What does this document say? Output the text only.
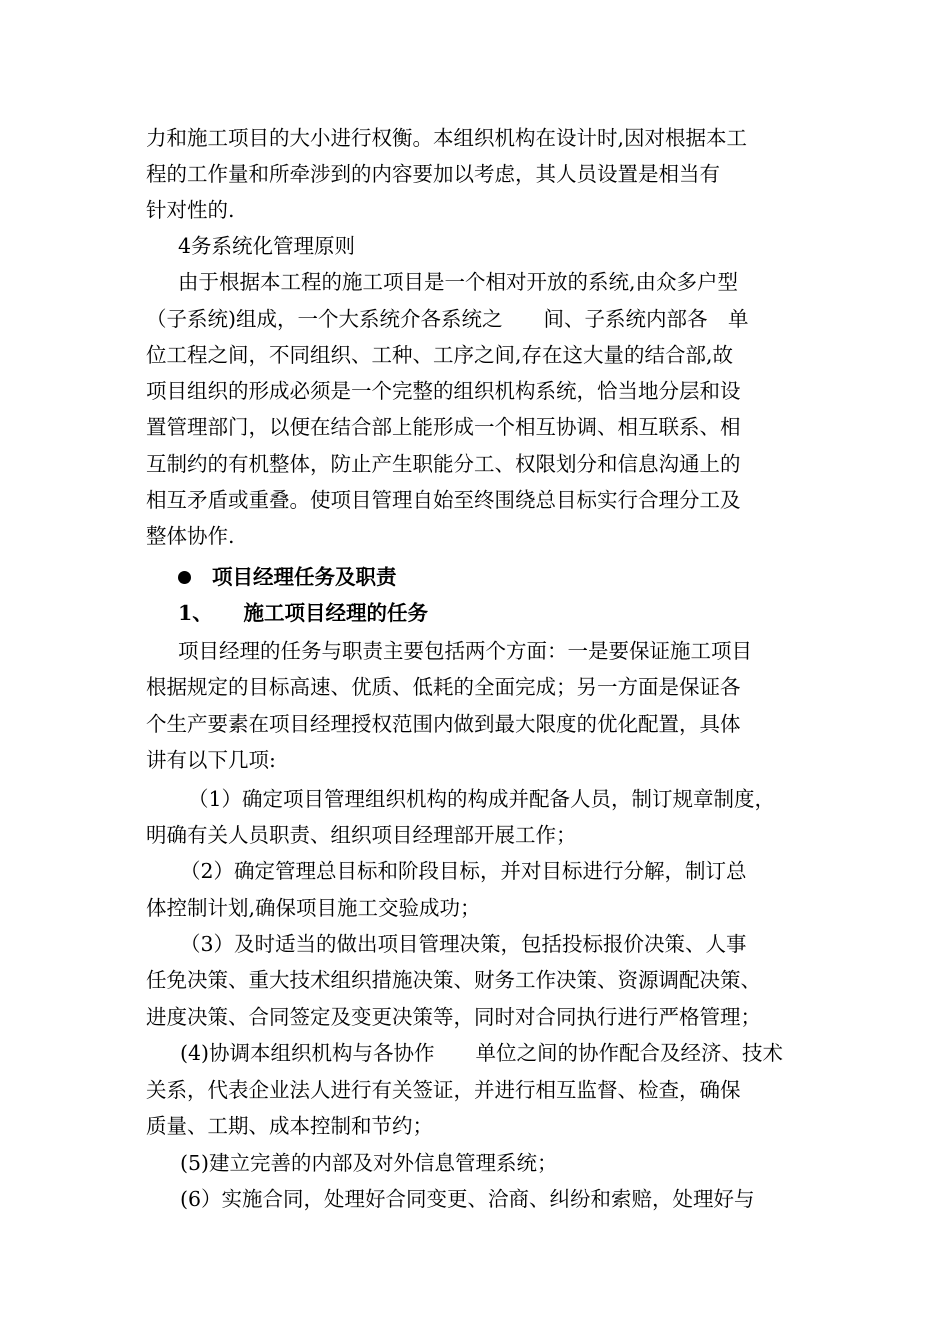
力和施工项目的大小进行权衡。本组织机构在设计时,因对根据本工

程的工作量和所牵涉到的内容要加以考虑，其人员设置是相当有

针对性的.

4务系统化管理原则

由于根据本工程的施工项目是一个相对开放的系统,由众多户型

（子系统)组成，一个大系统介各系统之　　间、子系统内部各　单

位工程之间，不同组织、工种、工序之间,存在这大量的结合部,故

项目组织的形成必须是一个完整的组织机构系统，恰当地分层和设

置管理部门，以便在结合部上能形成一个相互协调、相互联系、相

互制约的有机整体，防止产生职能分工、权限划分和信息沟通上的

相互矛盾或重叠。使项目管理自始至终围绕总目标实行合理分工及

整体协作.

项目经理任务及职责

1、　　施工项目经理的任务

项目经理的任务与职责主要包括两个方面：一是要保证施工项目

根据规定的目标高速、优质、低耗的全面完成；另一方面是保证各

个生产要素在项目经理授权范围内做到最大限度的优化配置，具体

讲有以下几项:

（1）确定项目管理组织机构的构成并配备人员，制订规章制度，

明确有关人员职责、组织项目经理部开展工作；

（2）确定管理总目标和阶段目标，并对目标进行分解，制订总

体控制计划,确保项目施工交验成功；

（3）及时适当的做出项目管理决策，包括投标报价决策、人事

任免决策、重大技术组织措施决策、财务工作决策、资源调配决策、

进度决策、合同签定及变更决策等，同时对合同执行进行严格管理；

(4)协调本组织机构与各协作　　单位之间的协作配合及经济、技术

关系，代表企业法人进行有关签证，并进行相互监督、检查，确保

质量、工期、成本控制和节约；

(5)建立完善的内部及对外信息管理系统；

(6）实施合同，处理好合同变更、洽商、纠纷和索赔，处理好与
